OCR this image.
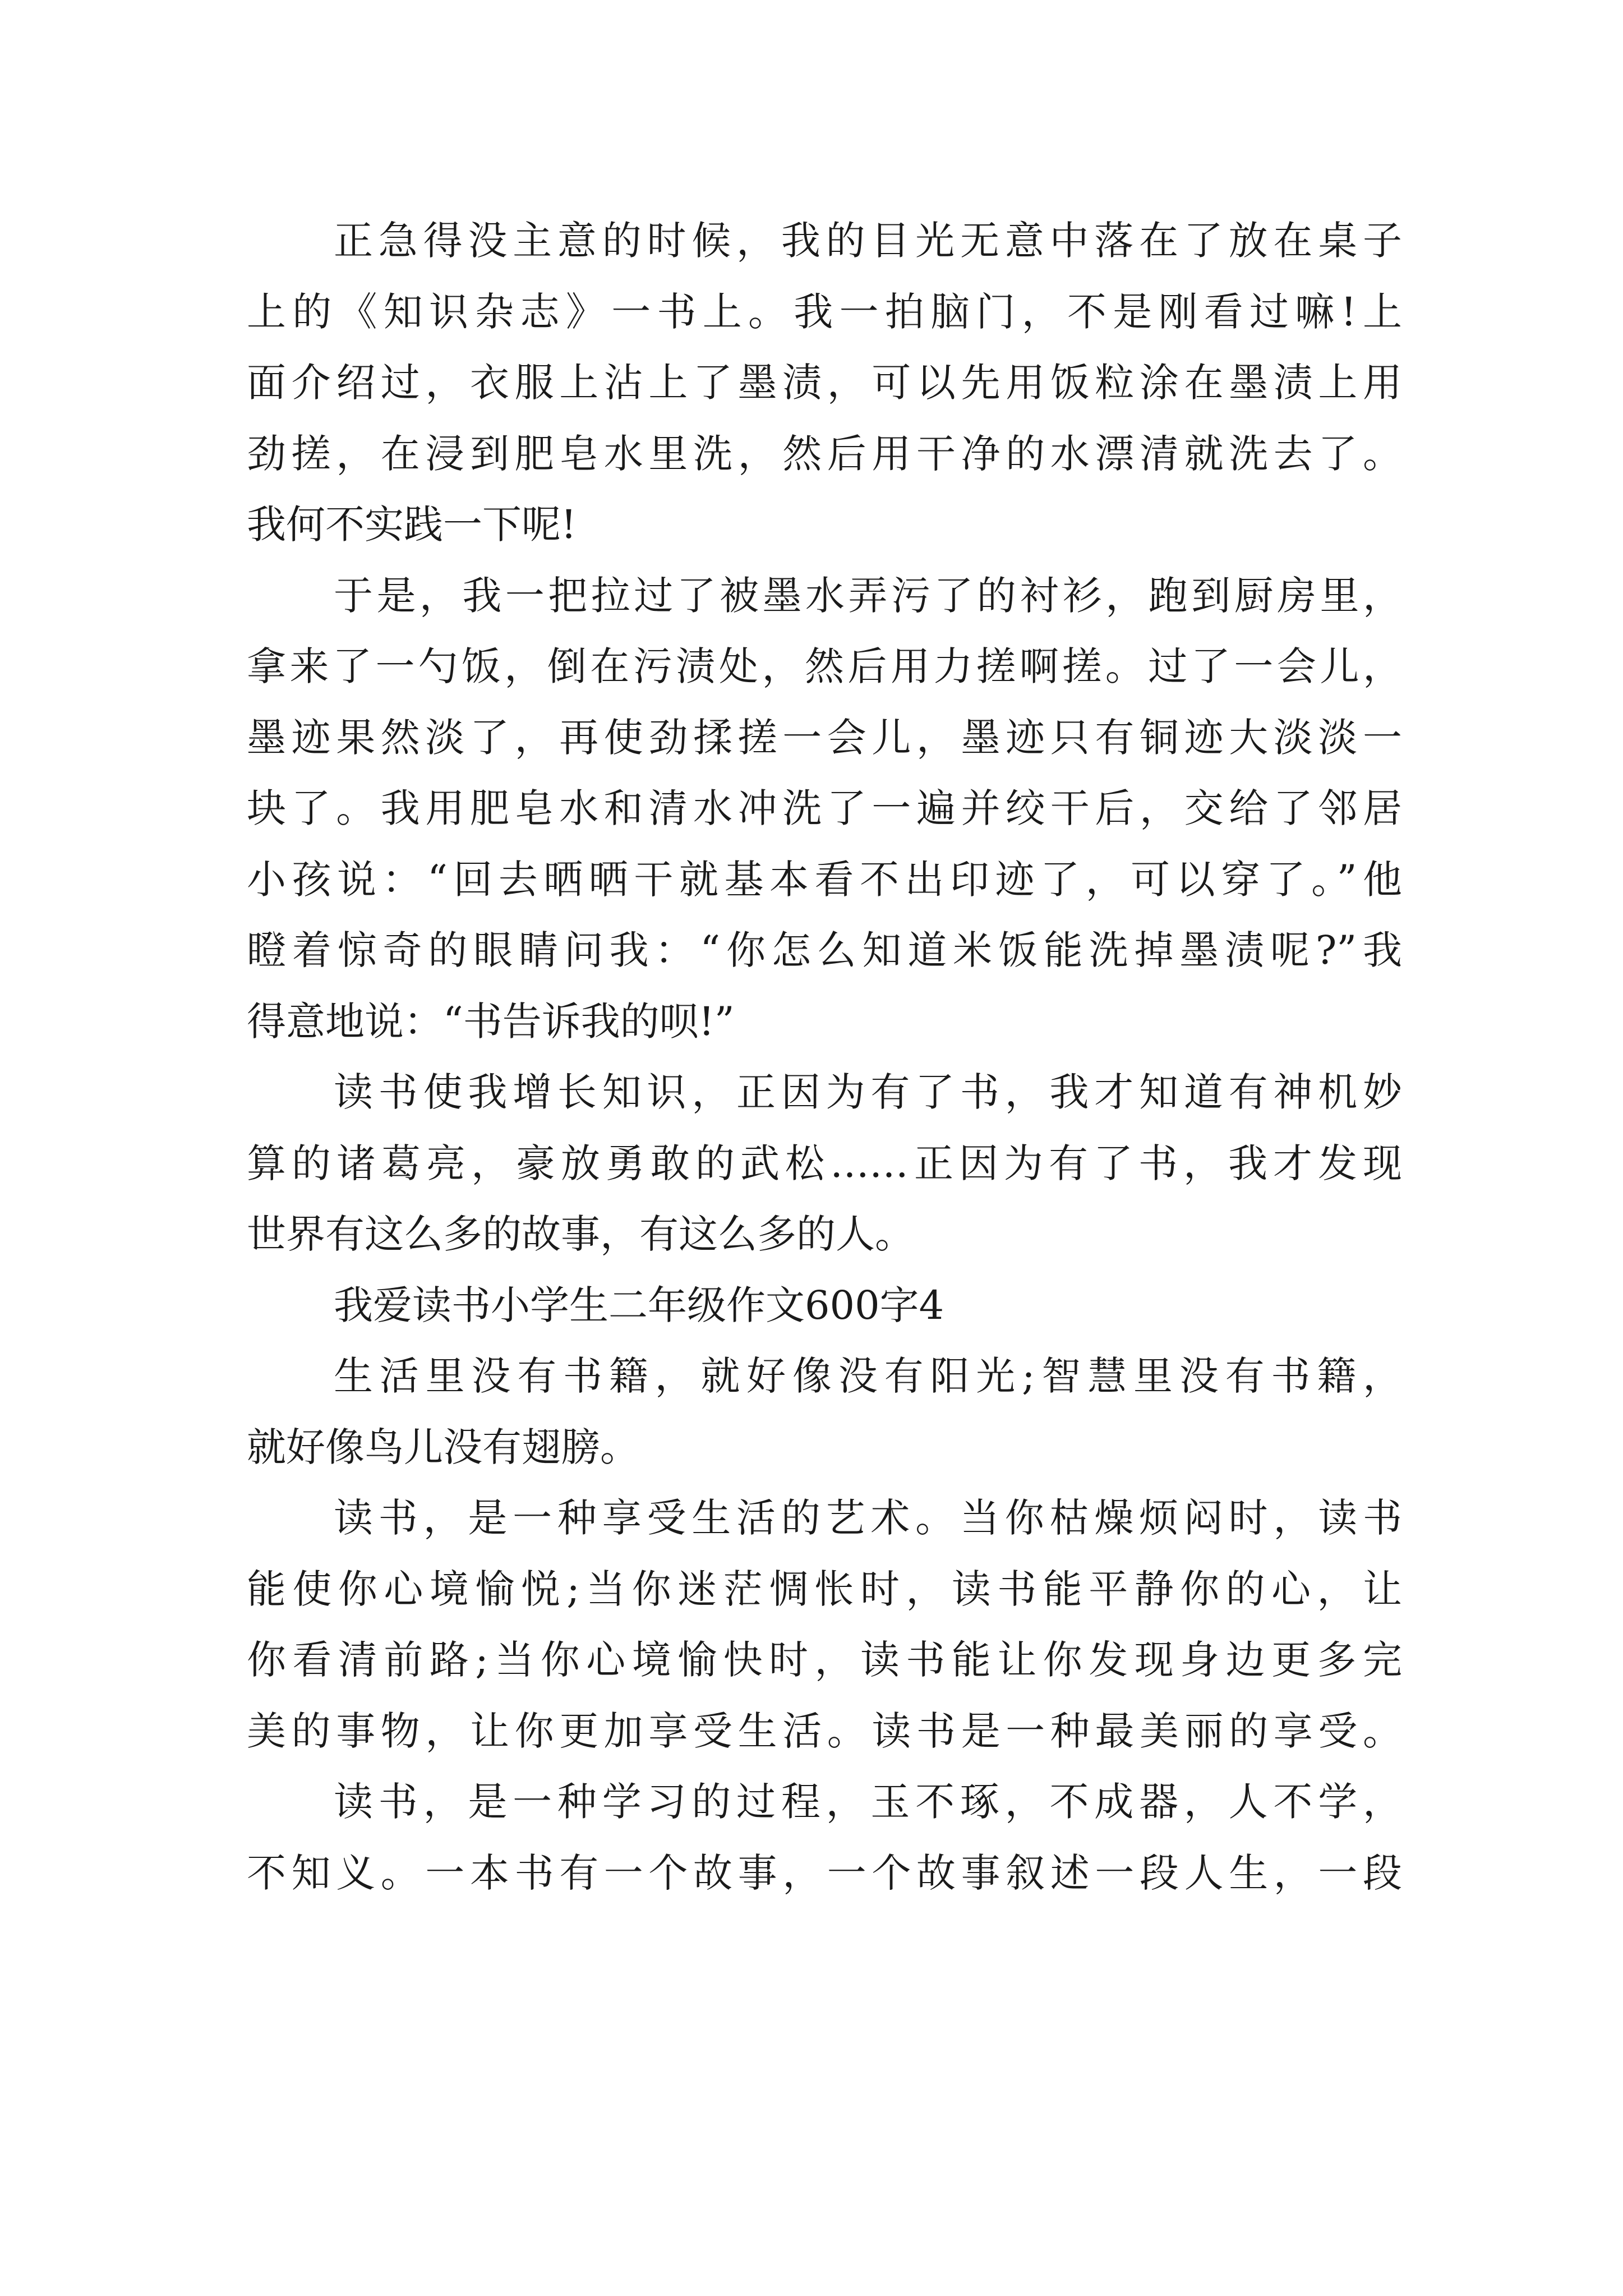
正急得没主意的时候，我的目光无意中落在了放在桌子
上的《知识杂志》一书上。我一拍脑门，不是刚看过嘛!上
面介绍过，衣服上沾上了墨渍，可以先用饭粒涂在墨渍上用
劲搓，在浸到肥皂水里洗，然后用干净的水漂清就洗去了。
我何不实践一下呢!
于是，我一把拉过了被墨水弄污了的衬衫，跑到厨房里，
拿来了一勺饭，倒在污渍处，然后用力搓啊搓。过了一会儿，
墨迹果然淡了，再使劲揉搓一会儿，墨迹只有铜迹大淡淡一
块了。我用肥皂水和清水冲洗了一遍并绞干后，交给了邻居
小孩说：“回去晒晒干就基本看不出印迹了，可以穿了。”他
瞪着惊奇的眼睛问我：“你怎么知道米饭能洗掉墨渍呢?”我
得意地说：“书告诉我的呗!”
读书使我增长知识，正因为有了书，我才知道有神机妙
算的诸葛亮，豪放勇敢的武松……正因为有了书，我才发现
世界有这么多的故事，有这么多的人。
我爱读书小学生二年级作文600字4
生活里没有书籍，就好像没有阳光;智慧里没有书籍，
就好像鸟儿没有翅膀。
读书，是一种享受生活的艺术。当你枯燥烦闷时，读书
能使你心境愉悦;当你迷茫惆怅时，读书能平静你的心，让
你看清前路;当你心境愉快时，读书能让你发现身边更多完
美的事物，让你更加享受生活。读书是一种最美丽的享受。
读书，是一种学习的过程，玉不琢，不成器，人不学，
不知义。一本书有一个故事，一个故事叙述一段人生，一段
